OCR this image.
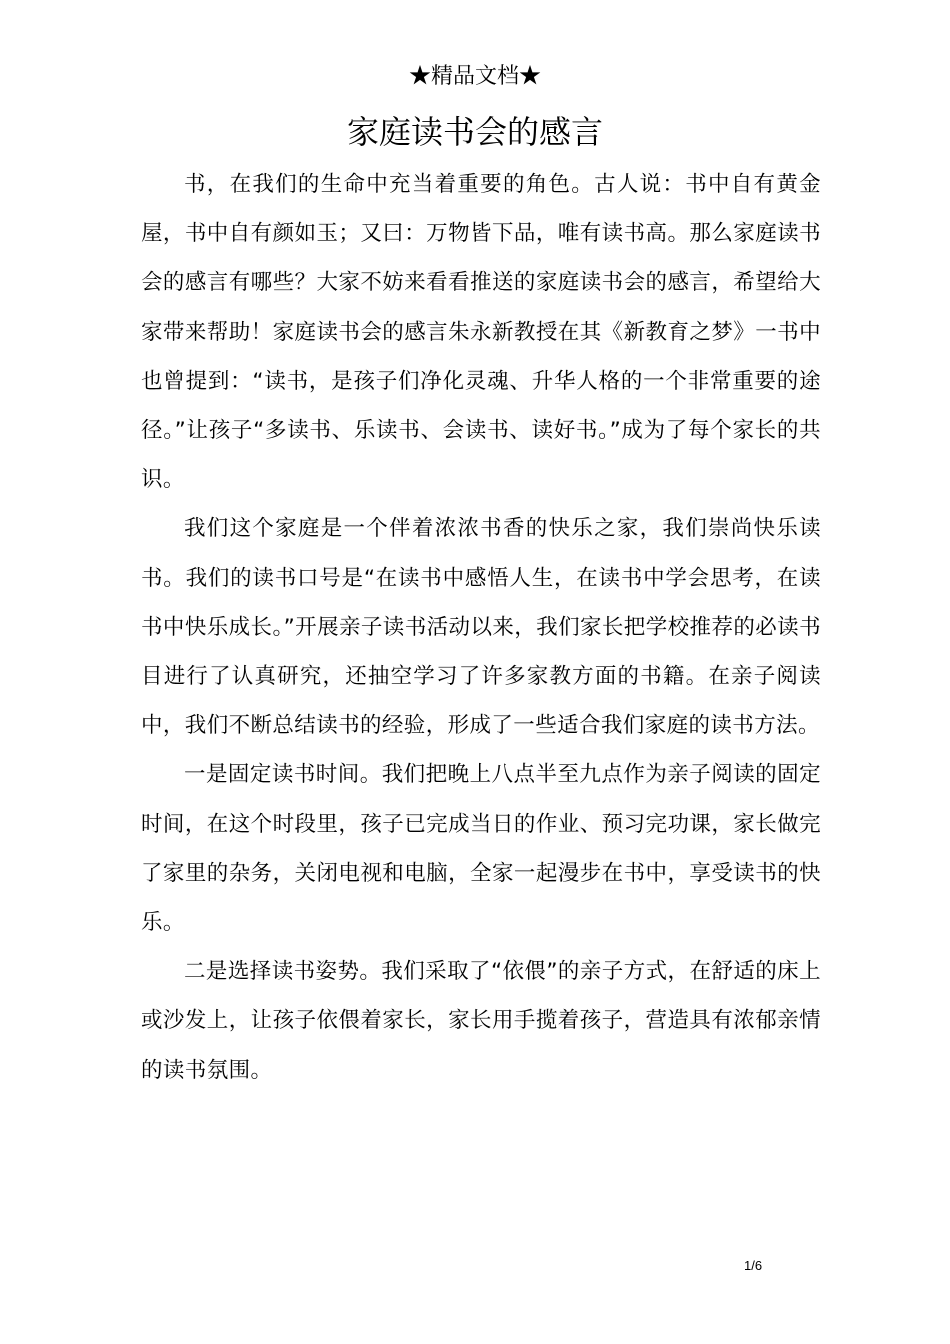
★精品文档★
家庭读书会的感言

书，在我们的生命中充当着重要的角色。古人说：书中自有黄金屋，书中自有颜如玉；又曰：万物皆下品，唯有读书高。那么家庭读书会的感言有哪些？大家不妨来看看推送的家庭读书会的感言，希望给大家带来帮助！家庭读书会的感言朱永新教授在其《新教育之梦》一书中也曾提到：“读书，是孩子们净化灵魂、升华人格的一个非常重要的途径。”让孩子“多读书、乐读书、会读书、读好书。”成为了每个家长的共识。

我们这个家庭是一个伴着浓浓书香的快乐之家，我们崇尚快乐读书。我们的读书口号是“在读书中感悟人生，在读书中学会思考，在读书中快乐成长。”开展亲子读书活动以来，我们家长把学校推荐的必读书目进行了认真研究，还抽空学习了许多家教方面的书籍。在亲子阅读中，我们不断总结读书的经验，形成了一些适合我们家庭的读书方法。

一是固定读书时间。我们把晚上八点半至九点作为亲子阅读的固定时间，在这个时段里，孩子已完成当日的作业、预习完功课，家长做完了家里的杂务，关闭电视和电脑，全家一起漫步在书中，享受读书的快乐。

二是选择读书姿势。我们采取了“依偎”的亲子方式，在舒适的床上或沙发上，让孩子依偎着家长，家长用手揽着孩子，营造具有浓郁亲情的读书氛围。

1/6
